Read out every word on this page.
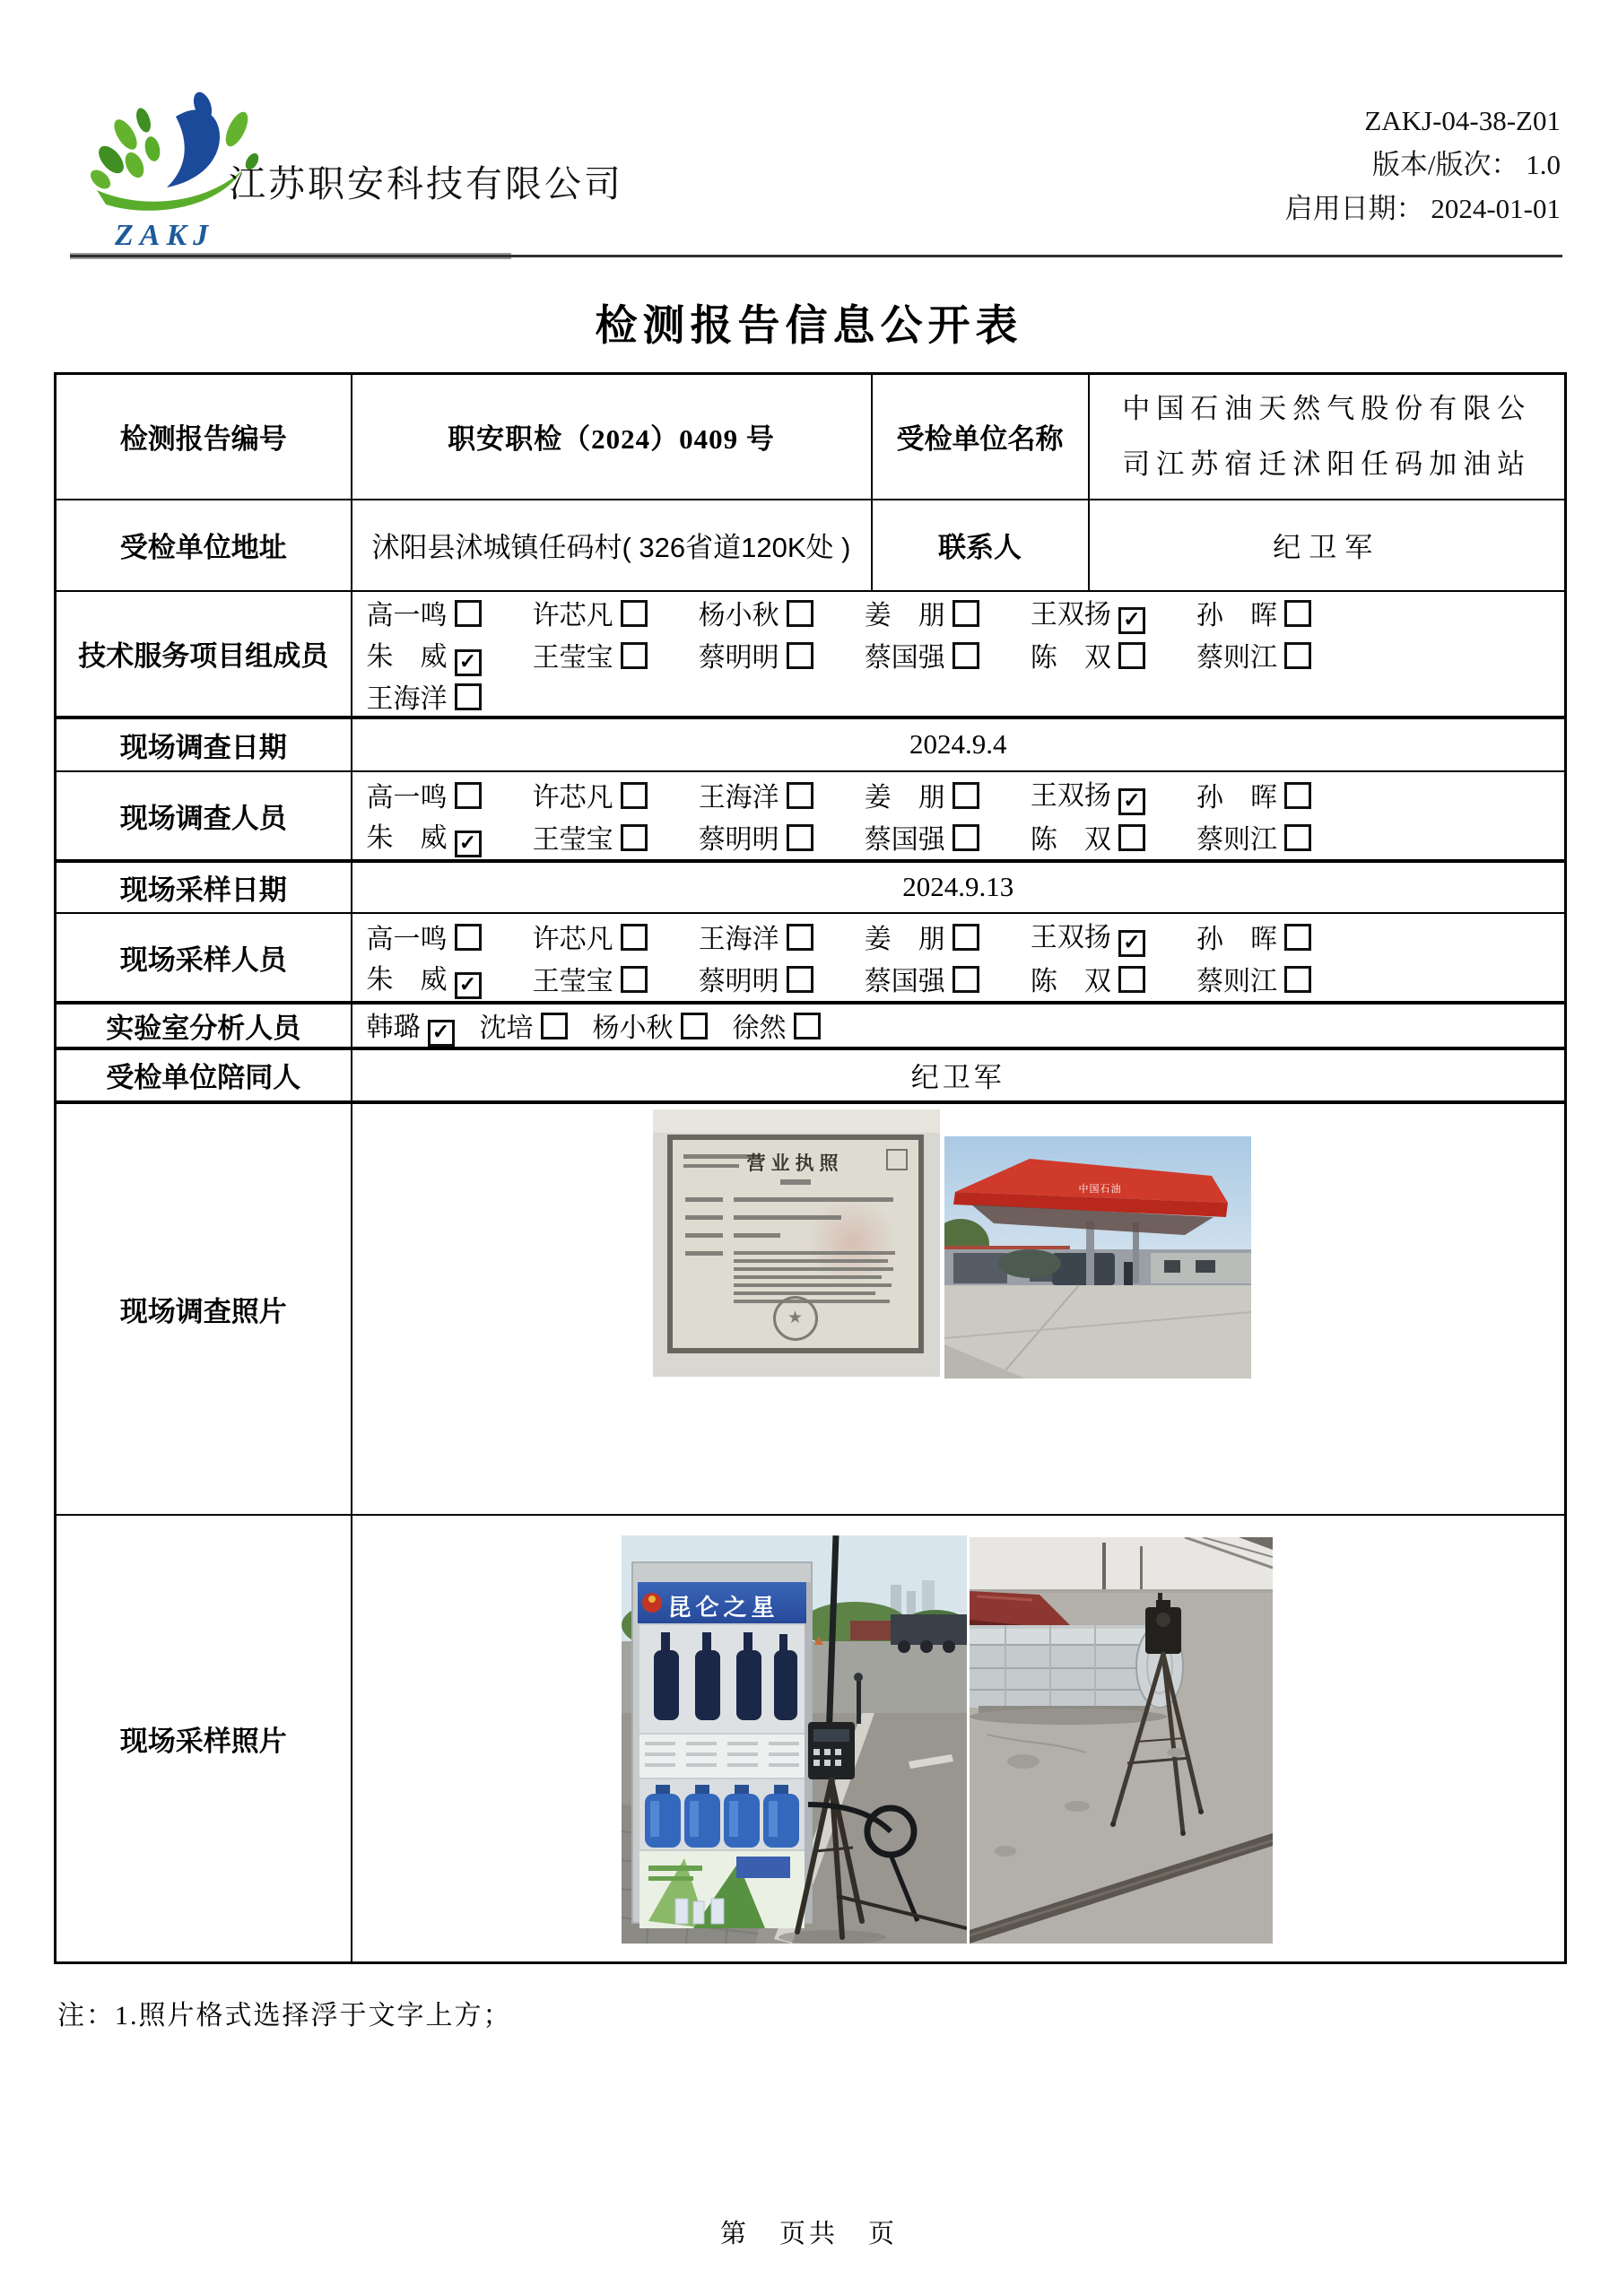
ZAKJ
江苏职安科技有限公司
ZAKJ-04-38-Z01
版本/版次： 1.0
启用日期： 2024-01-01
检测报告信息公开表
检测报告编号	职安职检（2024）0409 号	受检单位名称	中国石油天然气股份有限公
司江苏宿迁沭阳任码加油站

受检单位地址	沭阳县沭城镇任码村( 326省道120K处 )	联系人	纪卫军
技术服务项目组成员	
高一鸣	许芯凡	杨小秋	姜　朋	王双扬 ✓ 孙　晖
朱　威 ✓ 王莹宝	蔡明明	蔡国强	陈　双	蔡则江
王海洋

现场调查日期	2024.9.4		
现场调查人员	
高一鸣	许芯凡	王海洋	姜　朋	王双扬 ✓ 孙　晖
朱　威 ✓ 王莹宝	蔡明明	蔡国强	陈　双	蔡则江

现场采样日期	2024.9.13		
现场采样人员	
高一鸣	许芯凡	王海洋	姜　朋	王双扬 ✓ 孙　晖
朱　威 ✓ 王莹宝	蔡明明	蔡国强	陈　双	蔡则江

实验室分析人员	韩璐 ✓ 沈培 杨小秋 徐然		

受检单位陪同人	纪卫军		
现场调查照片	营业执照
★
中国石油		

现场采样照片	昆仑之星		
注：1.照片格式选择浮于文字上方；
第　页共　页
